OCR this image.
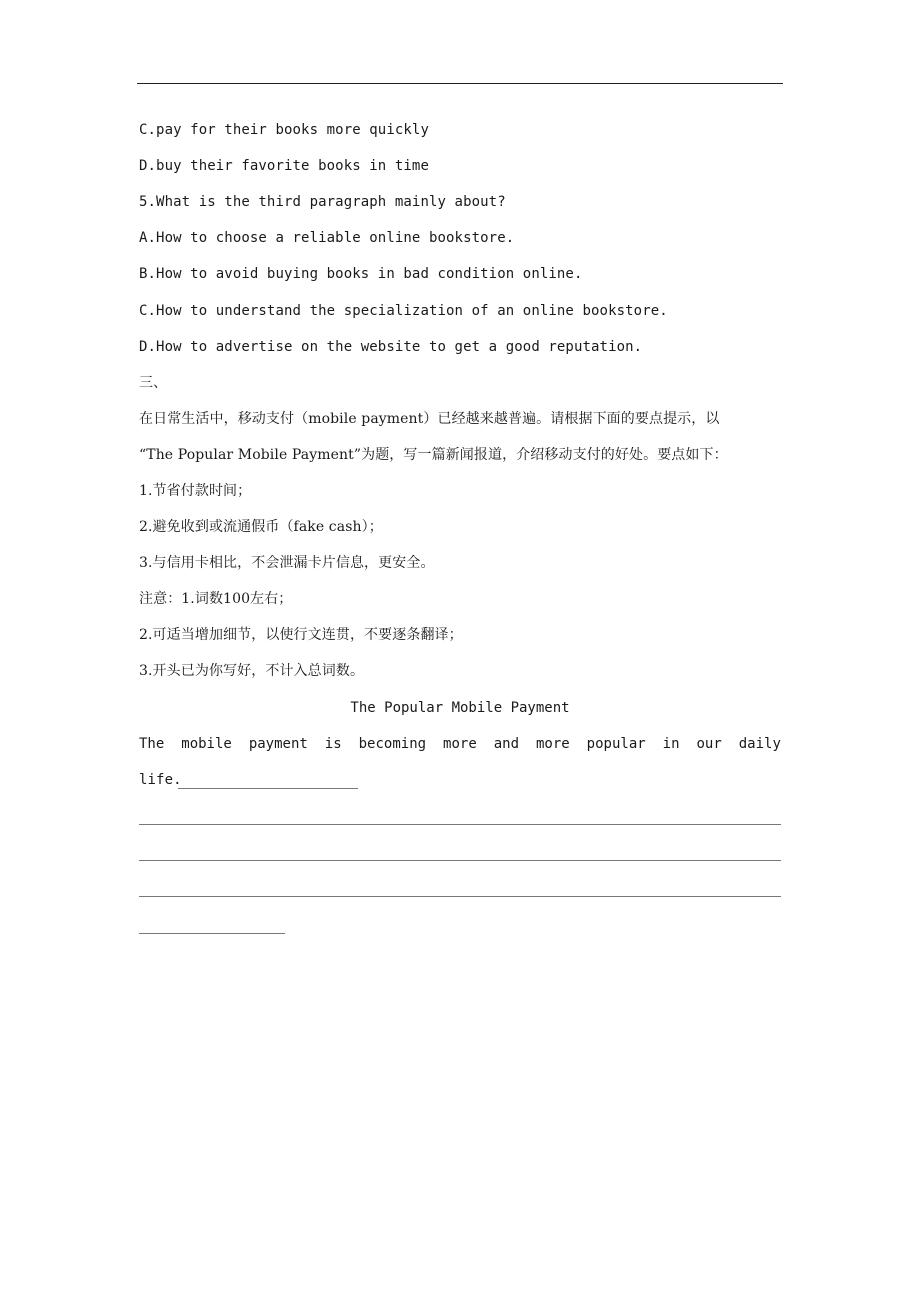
C.pay for their books more quickly
D.buy their favorite books in time
5.What is the third paragraph mainly about?
A.How to choose a reliable online bookstore.
B.How to avoid buying books in bad condition online.
C.How to understand the specialization of an online bookstore.
D.How to advertise on the website to get a good reputation.
三、
在日常生活中，移动支付（mobile payment）已经越来越普遍。请根据下面的要点提示，以
“The Popular Mobile Payment”为题，写一篇新闻报道，介绍移动支付的好处。要点如下：
1.节省付款时间；
2.避免收到或流通假币（fake cash）；
3.与信用卡相比，不会泄漏卡片信息，更安全。
注意：1.词数100左右；
2.可适当增加细节，以使行文连贯，不要逐条翻译；
3.开头已为你写好，不计入总词数。
The Popular Mobile Payment
The mobile payment is becoming more and more popular in our daily
life.
